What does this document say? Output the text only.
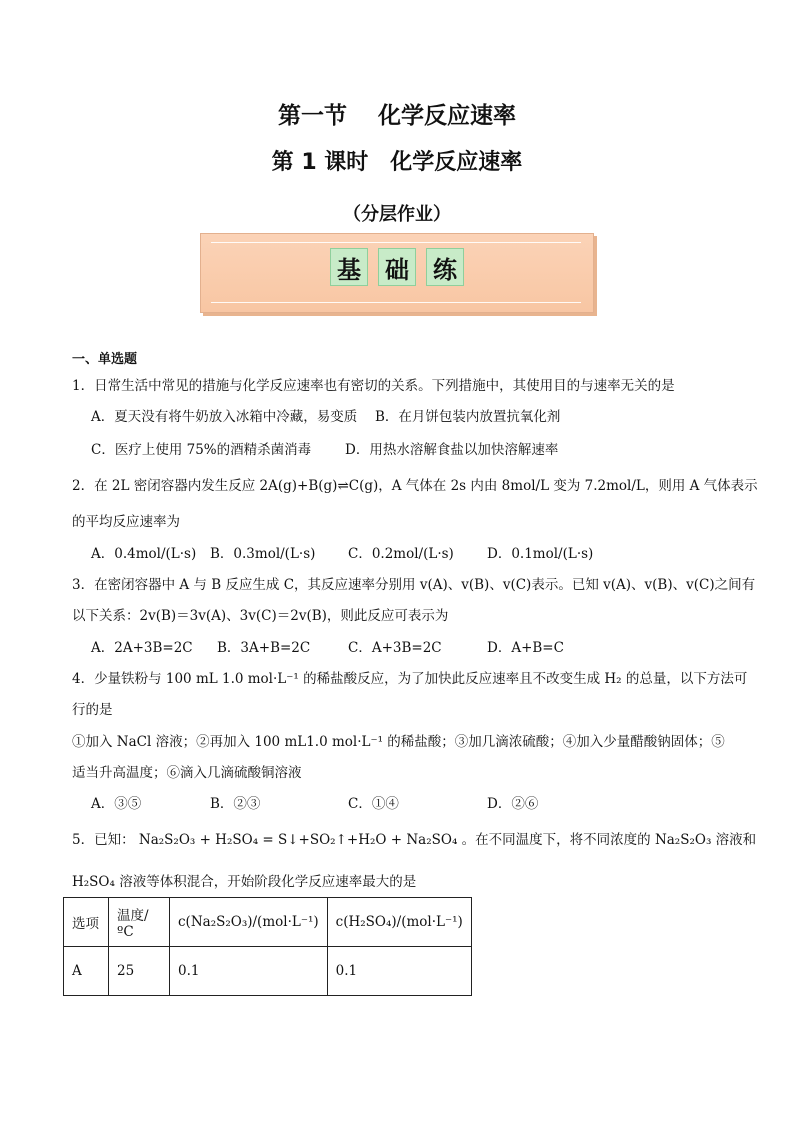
第一节　 化学反应速率
第 1 课时　化学反应速率
（分层作业）
基 础 练
一、单选题
1．日常生活中常见的措施与化学反应速率也有密切的关系。下列措施中，其使用目的与速率无关的是
A．夏天没有将牛奶放入冰箱中冷藏，易变质 B．在月饼包装内放置抗氧化剂
C．医疗上使用 75%的酒精杀菌消毒	D．用热水溶解食盐以加快溶解速率
2．在 2L 密闭容器内发生反应 2A(g)+B(g)⇌C(g)，A 气体在 2s 内由 8mol/L 变为 7.2mol/L，则用 A 气体表示
的平均反应速率为
A．0.4mol/(L·s) B．0.3mol/(L·s) C．0.2mol/(L·s) D．0.1mol/(L·s)
3．在密闭容器中 A 与 B 反应生成 C，其反应速率分别用 v(A)、v(B)、v(C)表示。已知 v(A)、v(B)、v(C)之间有
以下关系：2v(B)＝3v(A)、3v(C)＝2v(B)，则此反应可表示为
A．2A+3B=2C B．3A+B=2C	C．A+3B=2C	D．A+B=C
4．少量铁粉与 100 mL 1.0 mol·L⁻¹ 的稀盐酸反应，为了加快此反应速率且不改变生成 H₂ 的总量，以下方法可
行的是
①加入 NaCl 溶液；②再加入 100 mL1.0 mol·L⁻¹ 的稀盐酸；③加几滴浓硫酸；④加入少量醋酸钠固体；⑤
适当升高温度；⑥滴入几滴硫酸铜溶液
A．③⑤	B．②③	C．①④	D．②⑥
5．已知： Na₂S₂O₃ + H₂SO₄ = S↓+SO₂↑+H₂O + Na₂SO₄ 。在不同温度下，将不同浓度的 Na₂S₂O₃ 溶液和
H₂SO₄ 溶液等体积混合，开始阶段化学反应速率最大的是
选项	温度/ºC	c(Na₂S₂O₃)/(mol·L⁻¹)	c(H₂SO₄)/(mol·L⁻¹)
A	25	0.1	0.1
